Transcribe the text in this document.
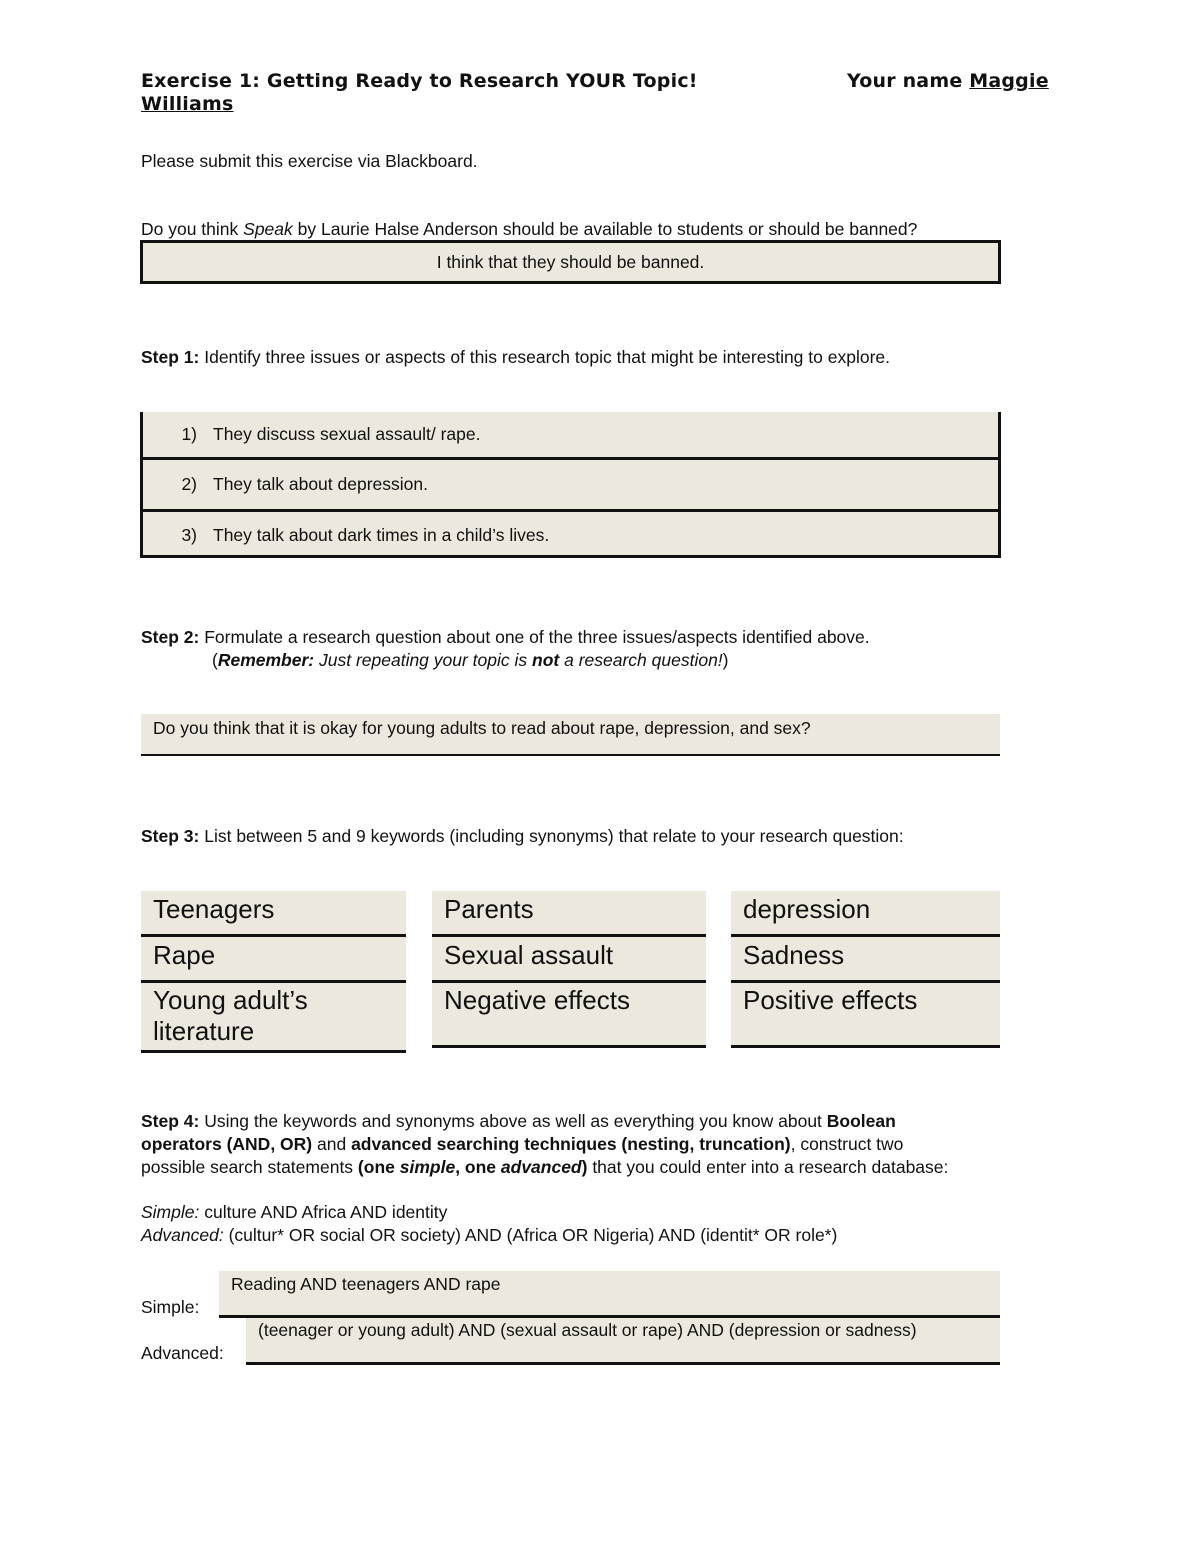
Exercise 1: Getting Ready to Research YOUR Topic!	Your name Maggie
Williams
Please submit this exercise via Blackboard.
Do you think Speak by Laurie Halse Anderson should be available to students or should be banned?
I think that they should be banned.
Step 1: Identify three issues or aspects of this research topic that might be interesting to explore.
1) They discuss sexual assault/ rape.
2) They talk about depression.
3) They talk about dark times in a child’s lives.
Step 2: Formulate a research question about one of the three issues/aspects identified above.
(Remember: Just repeating your topic is not a research question!)
Do you think that it is okay for young adults to read about rape, depression, and sex?
Step 3: List between 5 and 9 keywords (including synonyms) that relate to your research question:
Teenagers
Rape
Young adult’s literature
Parents
Sexual assault
Negative effects
depression
Sadness
Positive effects
Step 4: Using the keywords and synonyms above as well as everything you know about Boolean
operators (AND, OR) and advanced searching techniques (nesting, truncation), construct two
possible search statements (one simple, one advanced) that you could enter into a research database:
Simple: culture AND Africa AND identity
Advanced: (cultur* OR social OR society) AND (Africa OR Nigeria) AND (identit* OR role*)
Simple:
Reading AND teenagers AND rape
Advanced:
(teenager or young adult) AND (sexual assault or rape) AND (depression or sadness)
